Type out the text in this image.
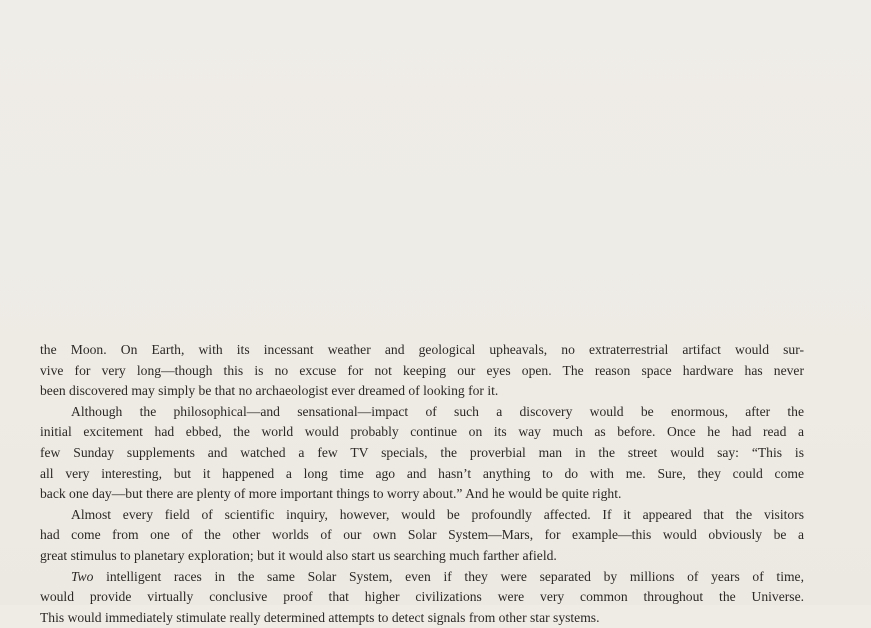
the Moon. On Earth, with its incessant weather and geological upheavals, no extraterrestrial artifact would sur-
vive for very long—though this is no excuse for not keeping our eyes open. The reason space hardware has never
been discovered may simply be that no archaeologist ever dreamed of looking for it.
Although the philosophical—and sensational—impact of such a discovery would be enormous, after the
initial excitement had ebbed, the world would probably continue on its way much as before. Once he had read a
few Sunday supplements and watched a few TV specials, the proverbial man in the street would say: “This is
all very interesting, but it happened a long time ago and hasn’t anything to do with me. Sure, they could come
back one day—but there are plenty of more important things to worry about.” And he would be quite right.
Almost every field of scientific inquiry, however, would be profoundly affected. If it appeared that the visitors
had come from one of the other worlds of our own Solar System—Mars, for example—this would obviously be a
great stimulus to planetary exploration; but it would also start us searching much farther afield.
Two intelligent races in the same Solar System, even if they were separated by millions of years of time,
would provide virtually conclusive proof that higher civilizations were very common throughout the Universe.
This would immediately stimulate really determined attempts to detect signals from other star systems.
